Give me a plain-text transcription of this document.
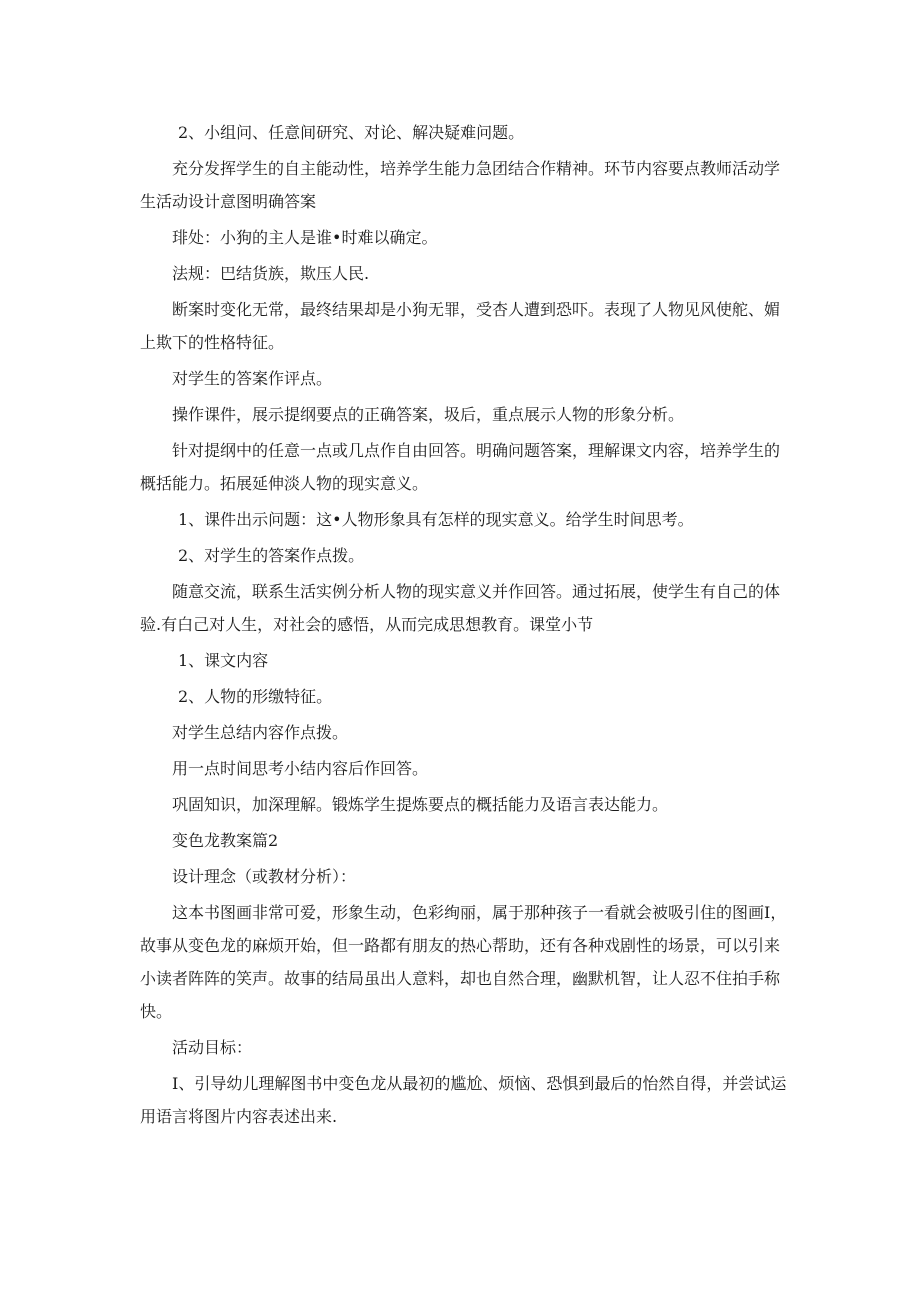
2、小组问、任意间研究、对论、解决疑难问题。

充分发挥学生的自主能动性，培养学生能力急团结合作精神。环节内容要点教师活动学生活动设计意图明确答案

琲处：小狗的主人是谁•时难以确定。

法规：巴结货族，欺压人民.

断案时变化无常，最终结果却是小狗无罪，受杏人遭到恐吓。表现了人物见风使舵、媚上欺下的性格特征。

对学生的答案作评点。

操作课件，展示提纲要点的正确答案，圾后，重点展示人物的形象分析。

针对提纲中的任意一点或几点作自由回答。明确问题答案，理解课文内容，培养学生的概括能力。拓展延伸淡人物的现实意义。

1、课件出示问题：这•人物形象具有怎样的现实意义。给学生时间思考。

2、对学生的答案作点拨。

随意交流，联系生活实例分析人物的现实意义并作回答。通过拓展，使学生有自己的体验.有白己对人生，对社会的感悟，从而完成思想教育。课堂小节

1、课文内容

2、人物的形缴特征。

对学生总结内容作点拨。

用一点时间思考小结内容后作回答。

巩固知识，加深理解。锻炼学生提炼要点的概括能力及语言表达能力。

变色龙教案篇2

设计理念（或教材分析）：

这本书图画非常可爱，形象生动，色彩绚丽，属于那种孩子一看就会被吸引住的图画I，故事从变色龙的麻烦开始，但一路都有朋友的热心帮助，还有各种戏剧性的场景，可以引来小读者阵阵的笑声。故事的结局虽出人意料，却也自然合理，幽默机智，让人忍不住拍手称快。

活动目标：

I、引导幼儿理解图书中变色龙从最初的尴尬、烦恼、恐惧到最后的怡然自得，并尝试运用语言将图片内容表述出来.
